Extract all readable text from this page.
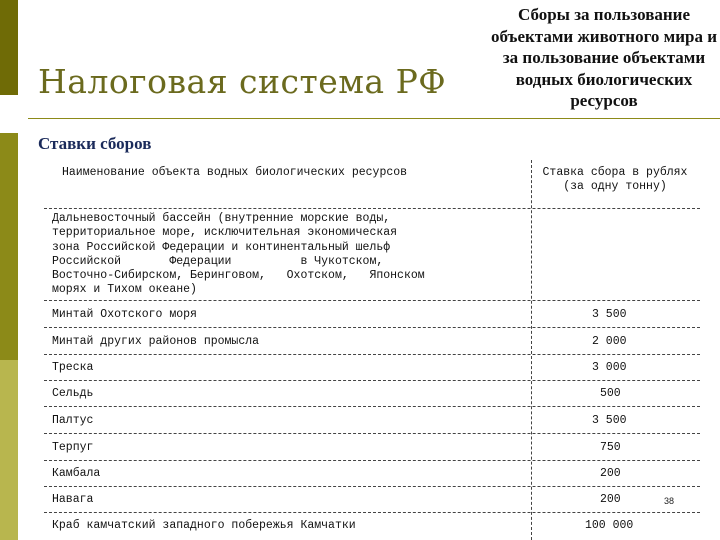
Налоговая система РФ
Ставки сборов
Сборы за пользование объектами животного мира и за пользование объектами водных биологических ресурсов
Наименование объекта водных биологических ресурсов	Ставка сбора в рублях (за одну тонну)
Дальневосточный бассейн (внутренние морские воды,
территориальное море, исключительная экономическая
зона Российской Федерации и континентальный шельф
Российской       Федерации          в Чукотском,
Восточно-Сибирском, Беринговом,   Охотском,   Японском
морях и Тихом океане)
Минтай Охотского моря	3 500
Минтай других районов промысла	2 000
Треска	3 000
Сельдь	500
Палтус	3 500
Терпуг	750
Камбала	200
Навага	200
Краб камчатский западного побережья Камчатки	100 000
38
